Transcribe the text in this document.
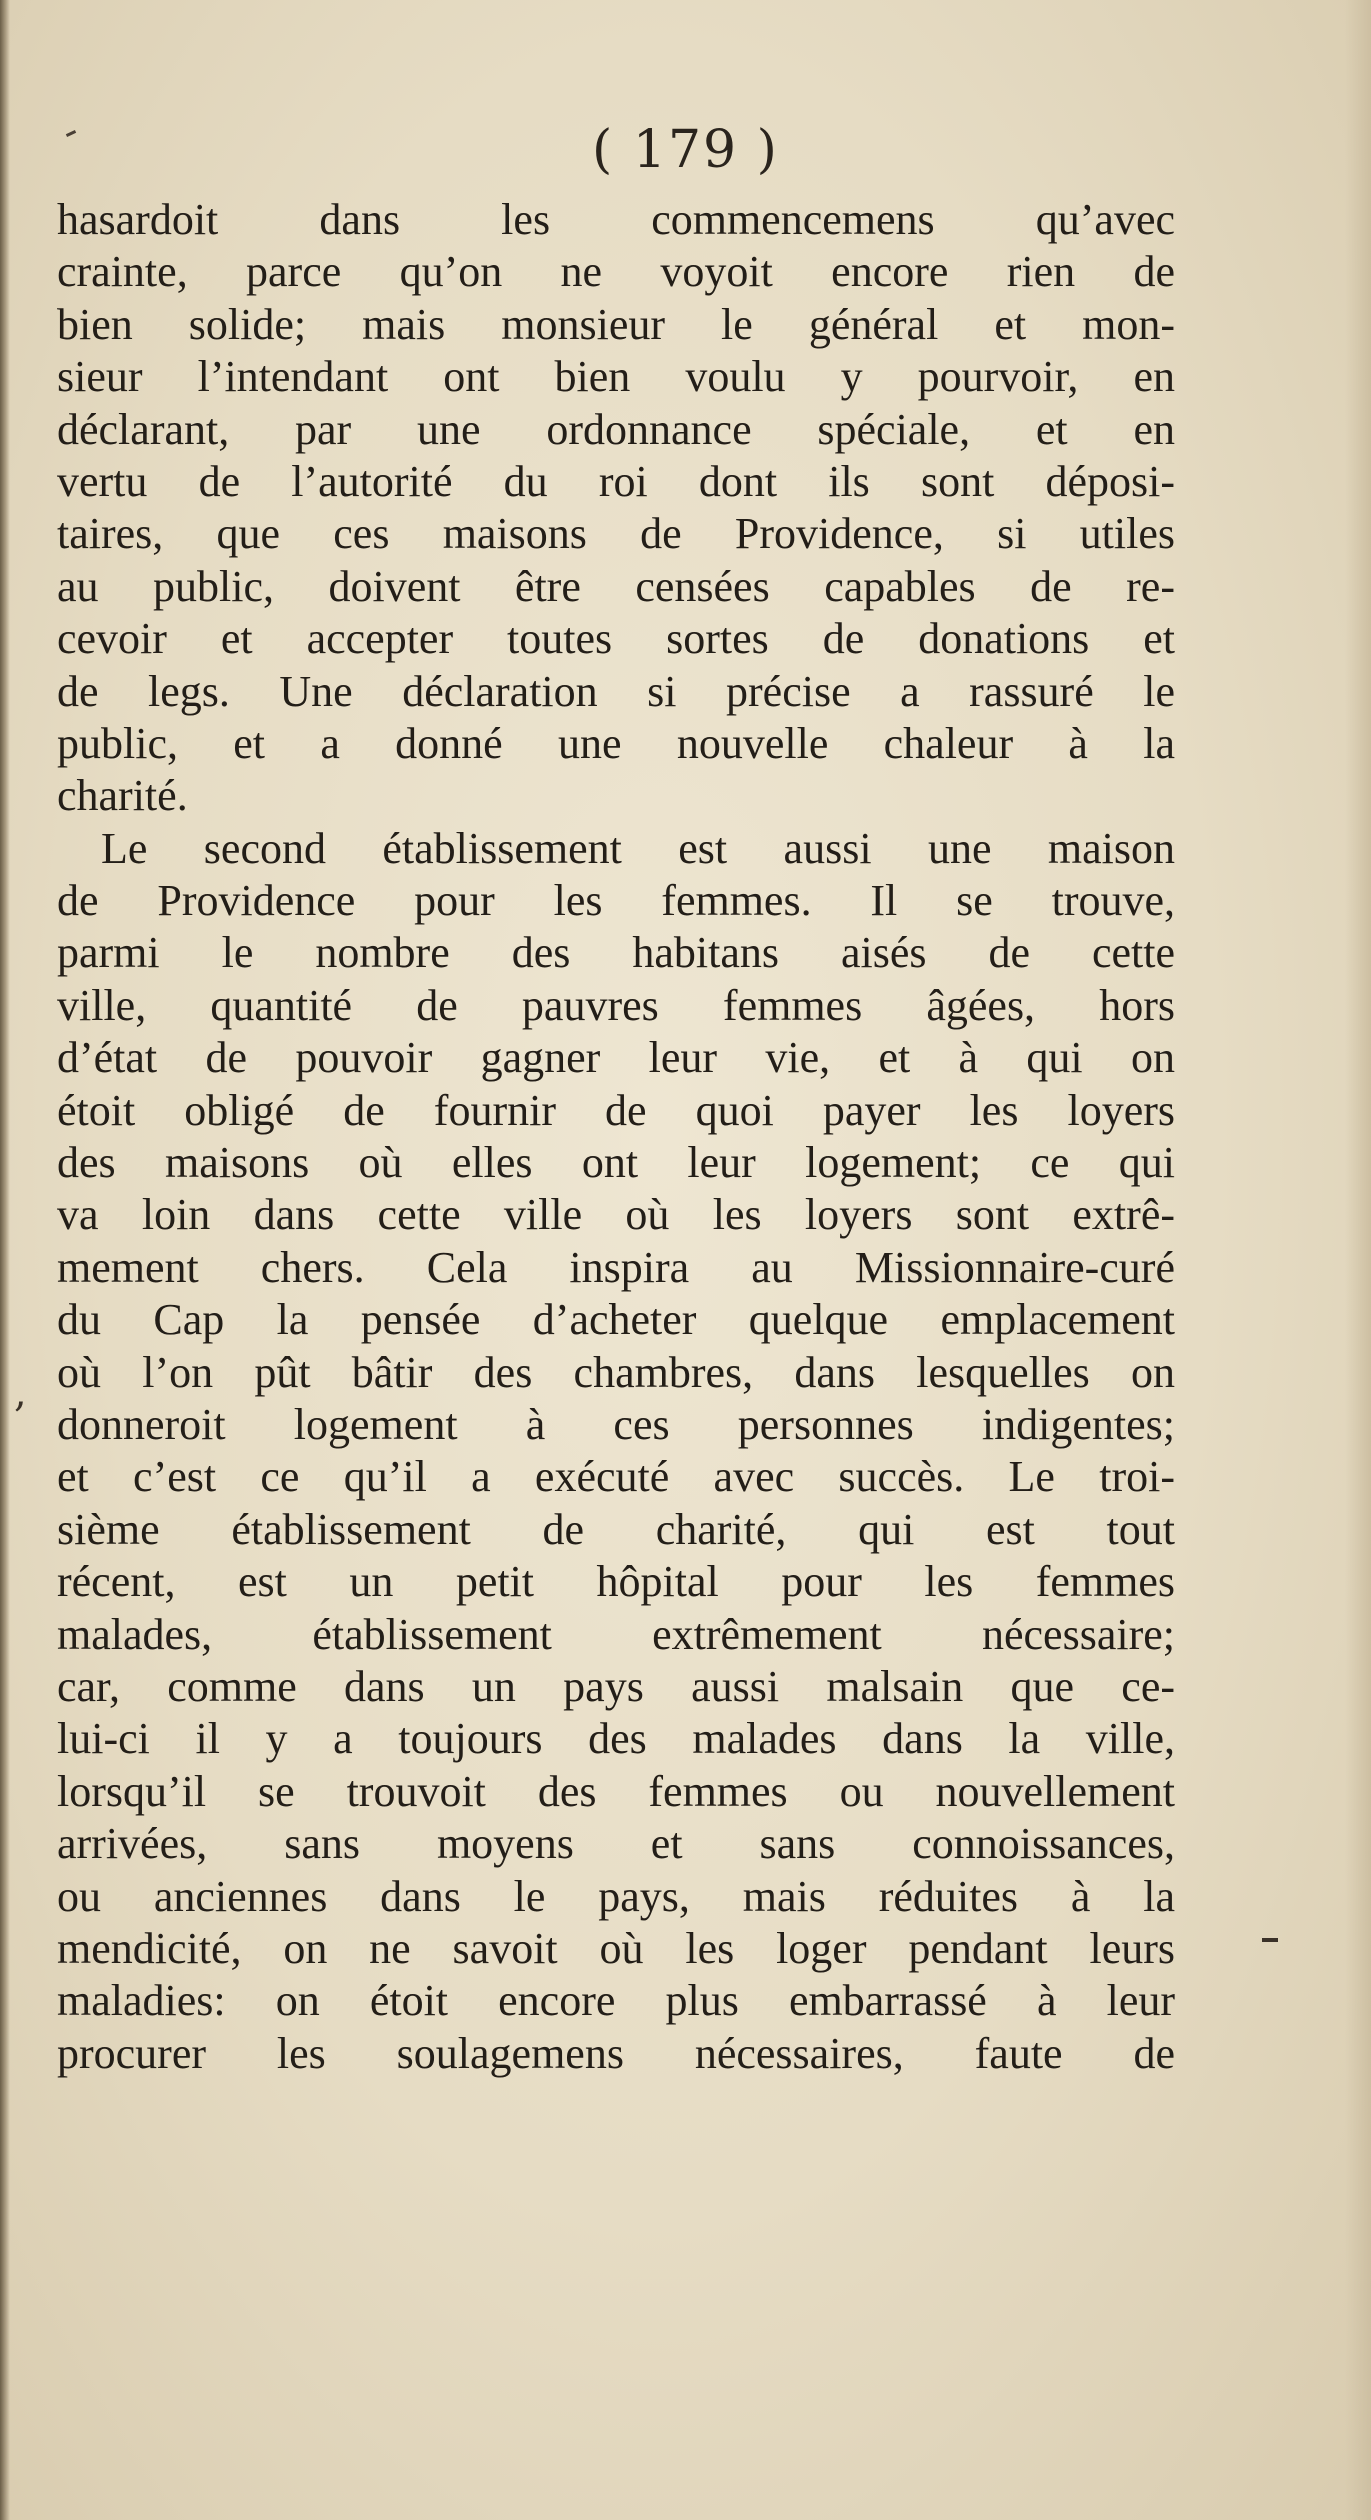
( 179 )
hasardoit dans les commencemens qu’avec
crainte, parce qu’on ne voyoit encore rien de
bien solide; mais monsieur le général et mon-
sieur l’intendant ont bien voulu y pourvoir, en
déclarant, par une ordonnance spéciale, et en
vertu de l’autorité du roi dont ils sont déposi-
taires, que ces maisons de Providence, si utiles
au public, doivent être censées capables de re-
cevoir et accepter toutes sortes de donations et
de legs. Une déclaration si précise a rassuré le
public, et a donné une nouvelle chaleur à la
charité.
Le second établissement est aussi une maison
de Providence pour les femmes. Il se trouve,
parmi le nombre des habitans aisés de cette
ville, quantité de pauvres femmes âgées, hors
d’état de pouvoir gagner leur vie, et à qui on
étoit obligé de fournir de quoi payer les loyers
des maisons où elles ont leur logement; ce qui
va loin dans cette ville où les loyers sont extrê-
mement chers. Cela inspira au Missionnaire-curé
du Cap la pensée d’acheter quelque emplacement
où l’on pût bâtir des chambres, dans lesquelles on
donneroit logement à ces personnes indigentes;
et c’est ce qu’il a exécuté avec succès. Le troi-
sième établissement de charité, qui est tout
récent, est un petit hôpital pour les femmes
malades, établissement extrêmement nécessaire;
car, comme dans un pays aussi malsain que ce-
lui-ci il y a toujours des malades dans la ville,
lorsqu’il se trouvoit des femmes ou nouvellement
arrivées, sans moyens et sans connoissances,
ou anciennes dans le pays, mais réduites à la
mendicité, on ne savoit où les loger pendant leurs
maladies: on étoit encore plus embarrassé à leur
procurer les soulagemens nécessaires, faute de
,
